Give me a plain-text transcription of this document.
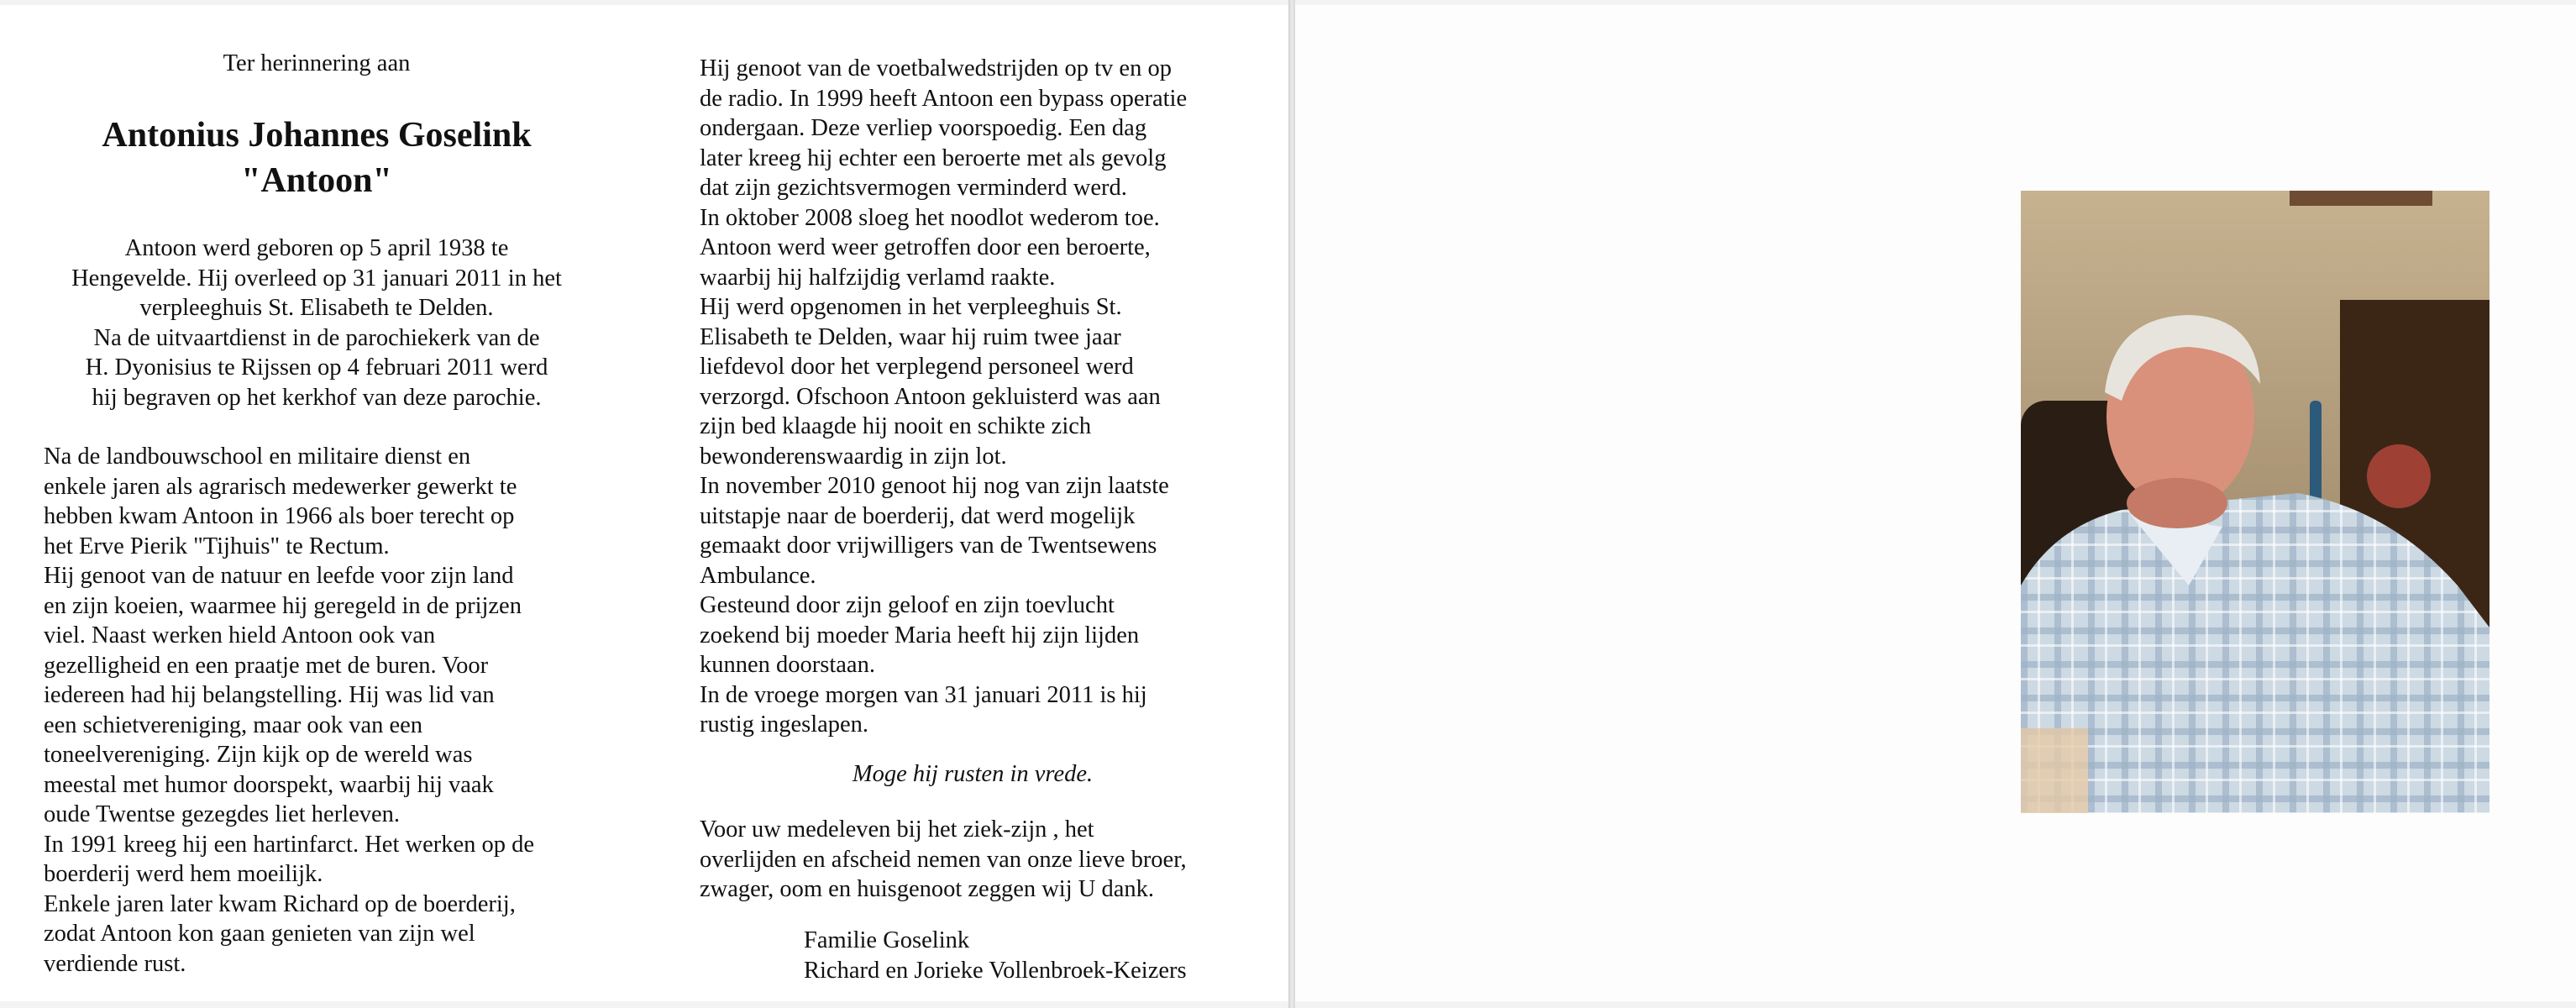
Ter herinnering aan
Antonius Johannes Goselink
"Antoon"
Antoon werd geboren op 5 april 1938 te
Hengevelde. Hij overleed op 31 januari 2011 in het
verpleeghuis St. Elisabeth te Delden.
Na de uitvaartdienst in de parochiekerk van de
H. Dyonisius te Rijssen op 4 februari 2011 werd
hij begraven op het kerkhof van deze parochie.
Na de landbouwschool en militaire dienst en
enkele jaren als agrarisch medewerker gewerkt te
hebben kwam Antoon in 1966 als boer terecht op
het Erve Pierik "Tijhuis" te Rectum.
Hij genoot van de natuur en leefde voor zijn land
en zijn koeien, waarmee hij geregeld in de prijzen
viel. Naast werken hield Antoon ook van
gezelligheid en een praatje met de buren. Voor
iedereen had hij belangstelling. Hij was lid van
een schietvereniging, maar ook van een
toneelvereniging. Zijn kijk op de wereld was
meestal met humor doorspekt, waarbij hij vaak
oude Twentse gezegdes liet herleven.
In 1991 kreeg hij een hartinfarct. Het werken op de
boerderij werd hem moeilijk.
Enkele jaren later kwam Richard op de boerderij,
zodat Antoon kon gaan genieten van zijn wel
verdiende rust.
Hij genoot van de voetbalwedstrijden op tv en op
de radio. In 1999 heeft Antoon een bypass operatie
ondergaan. Deze verliep voorspoedig. Een dag
later kreeg hij echter een beroerte met als gevolg
dat zijn gezichtsvermogen verminderd werd.
In oktober 2008 sloeg het noodlot wederom toe.
Antoon werd weer getroffen door een beroerte,
waarbij hij halfzijdig verlamd raakte.
Hij werd opgenomen in het verpleeghuis St.
Elisabeth te Delden, waar hij ruim twee jaar
liefdevol door het verplegend personeel werd
verzorgd. Ofschoon Antoon gekluisterd was aan
zijn bed klaagde hij nooit en schikte zich
bewonderenswaardig in zijn lot.
In november 2010 genoot hij nog van zijn laatste
uitstapje naar de boerderij, dat werd mogelijk
gemaakt door vrijwilligers van de Twentsewens
Ambulance.
Gesteund door zijn geloof en zijn toevlucht
zoekend bij moeder Maria heeft hij zijn lijden
kunnen doorstaan.
In de vroege morgen van 31 januari 2011 is hij
rustig ingeslapen.
Moge hij rusten in vrede.
Voor uw medeleven bij het ziek-zijn , het
overlijden en afscheid nemen van onze lieve broer,
zwager, oom en huisgenoot zeggen wij U dank.
Familie Goselink
Richard en Jorieke Vollenbroek-Keizers
